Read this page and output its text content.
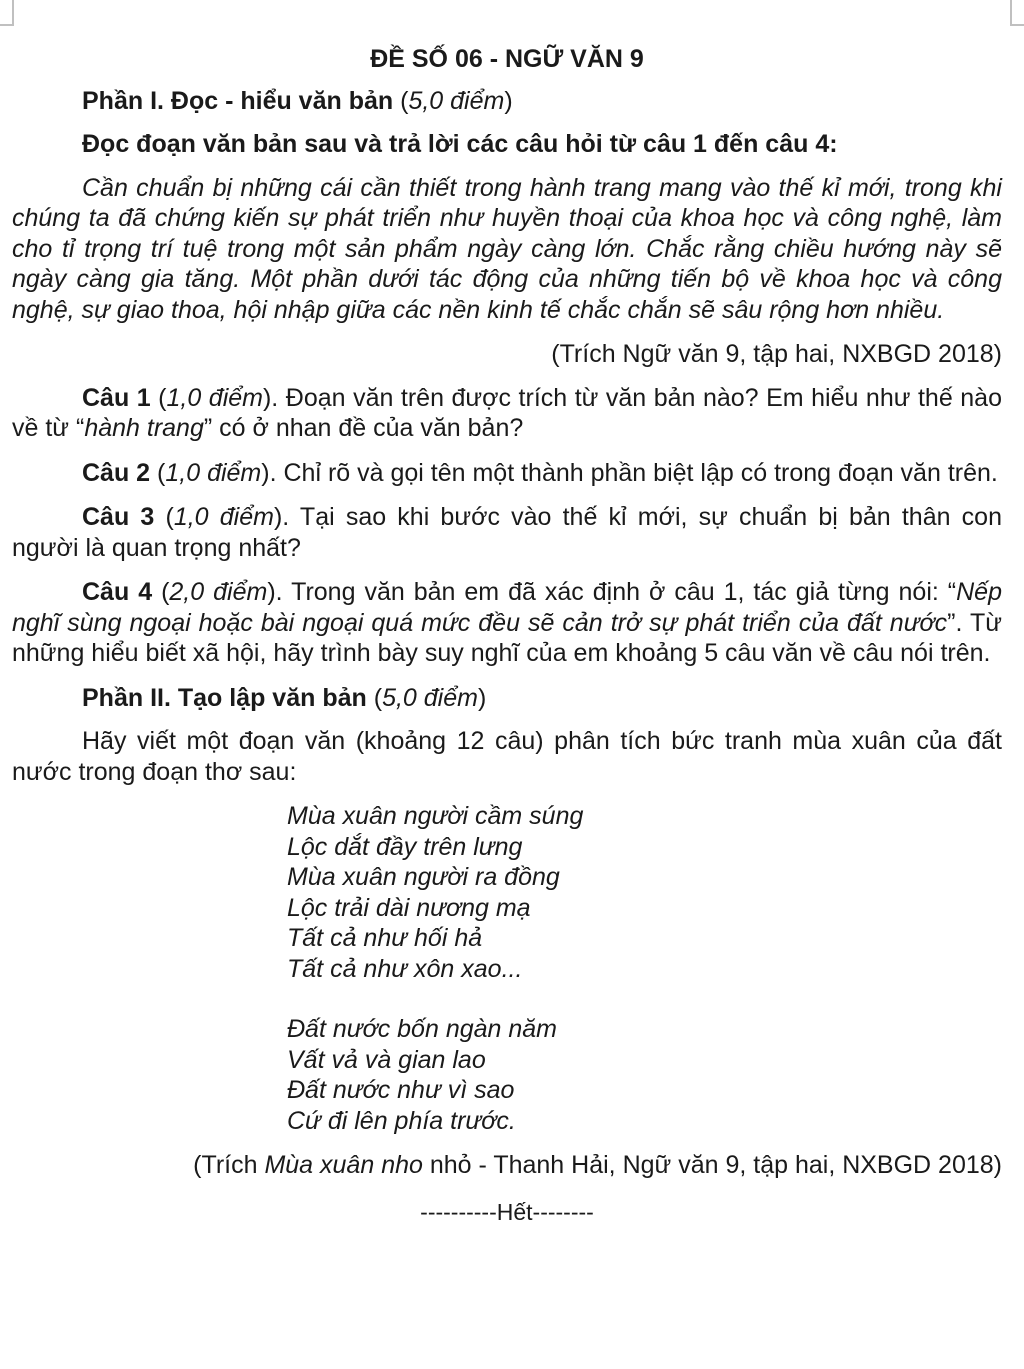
ĐỀ SỐ 06 - NGỮ VĂN 9
Phần I. Đọc - hiểu văn bản (5,0 điểm)
Đọc đoạn văn bản sau và trả lời các câu hỏi từ câu 1 đến câu 4:
Cần chuẩn bị những cái cần thiết trong hành trang mang vào thế kỉ mới, trong khi chúng ta đã chứng kiến sự phát triển như huyền thoại của khoa học và công nghệ, làm cho tỉ trọng trí tuệ trong một sản phẩm ngày càng lớn. Chắc rằng chiều hướng này sẽ ngày càng gia tăng. Một phần dưới tác động của những tiến bộ về khoa học và công nghệ, sự giao thoa, hội nhập giữa các nền kinh tế chắc chắn sẽ sâu rộng hơn nhiều.
(Trích Ngữ văn 9, tập hai, NXBGD 2018)
Câu 1 (1,0 điểm). Đoạn văn trên được trích từ văn bản nào? Em hiểu như thế nào về từ “hành trang” có ở nhan đề của văn bản?
Câu 2 (1,0 điểm). Chỉ rõ và gọi tên một thành phần biệt lập có trong đoạn văn trên.
Câu 3 (1,0 điểm). Tại sao khi bước vào thế kỉ mới, sự chuẩn bị bản thân con người là quan trọng nhất?
Câu 4 (2,0 điểm). Trong văn bản em đã xác định ở câu 1, tác giả từng nói: “Nếp nghĩ sùng ngoại hoặc bài ngoại quá mức đều sẽ cản trở sự phát triển của đất nước”. Từ những hiểu biết xã hội, hãy trình bày suy nghĩ của em khoảng 5 câu văn về câu nói trên.
Phần II. Tạo lập văn bản (5,0 điểm)
Hãy viết một đoạn văn (khoảng 12 câu) phân tích bức tranh mùa xuân của đất nước trong đoạn thơ sau:
Mùa xuân người cầm súng
Lộc dắt đầy trên lưng
Mùa xuân người ra đồng
Lộc trải dài nương mạ
Tất cả như hối hả
Tất cả như xôn xao...
Đất nước bốn ngàn năm
Vất vả và gian lao
Đất nước như vì sao
Cứ đi lên phía trước.
(Trích Mùa xuân nho nhỏ - Thanh Hải, Ngữ văn 9, tập hai, NXBGD 2018)
----------Hết--------
